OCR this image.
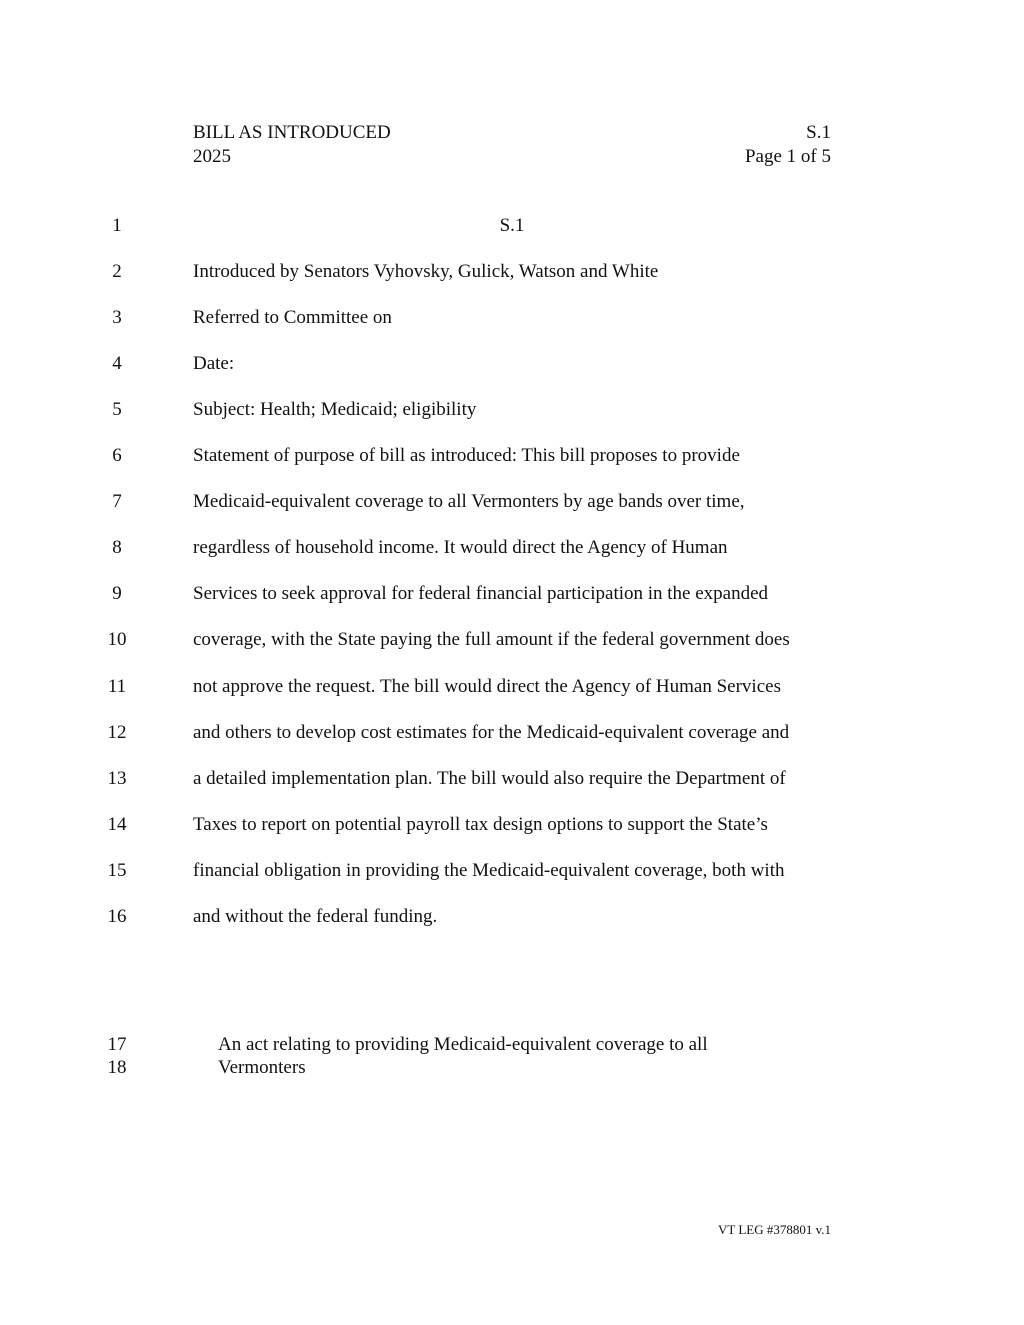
BILL AS INTRODUCED
2025
S.1
Page 1 of 5
1	S.1
2	Introduced by Senators Vyhovsky, Gulick, Watson and White
3	Referred to Committee on
4	Date:
5	Subject: Health; Medicaid; eligibility
6	Statement of purpose of bill as introduced: This bill proposes to provide
7	Medicaid-equivalent coverage to all Vermonters by age bands over time,
8	regardless of household income. It would direct the Agency of Human
9	Services to seek approval for federal financial participation in the expanded
10	coverage, with the State paying the full amount if the federal government does
11	not approve the request. The bill would direct the Agency of Human Services
12	and others to develop cost estimates for the Medicaid-equivalent coverage and
13	a detailed implementation plan. The bill would also require the Department of
14	Taxes to report on potential payroll tax design options to support the State’s
15	financial obligation in providing the Medicaid-equivalent coverage, both with
16	and without the federal funding.
17	An act relating to providing Medicaid-equivalent coverage to all
18	Vermonters
VT LEG #378801 v.1
